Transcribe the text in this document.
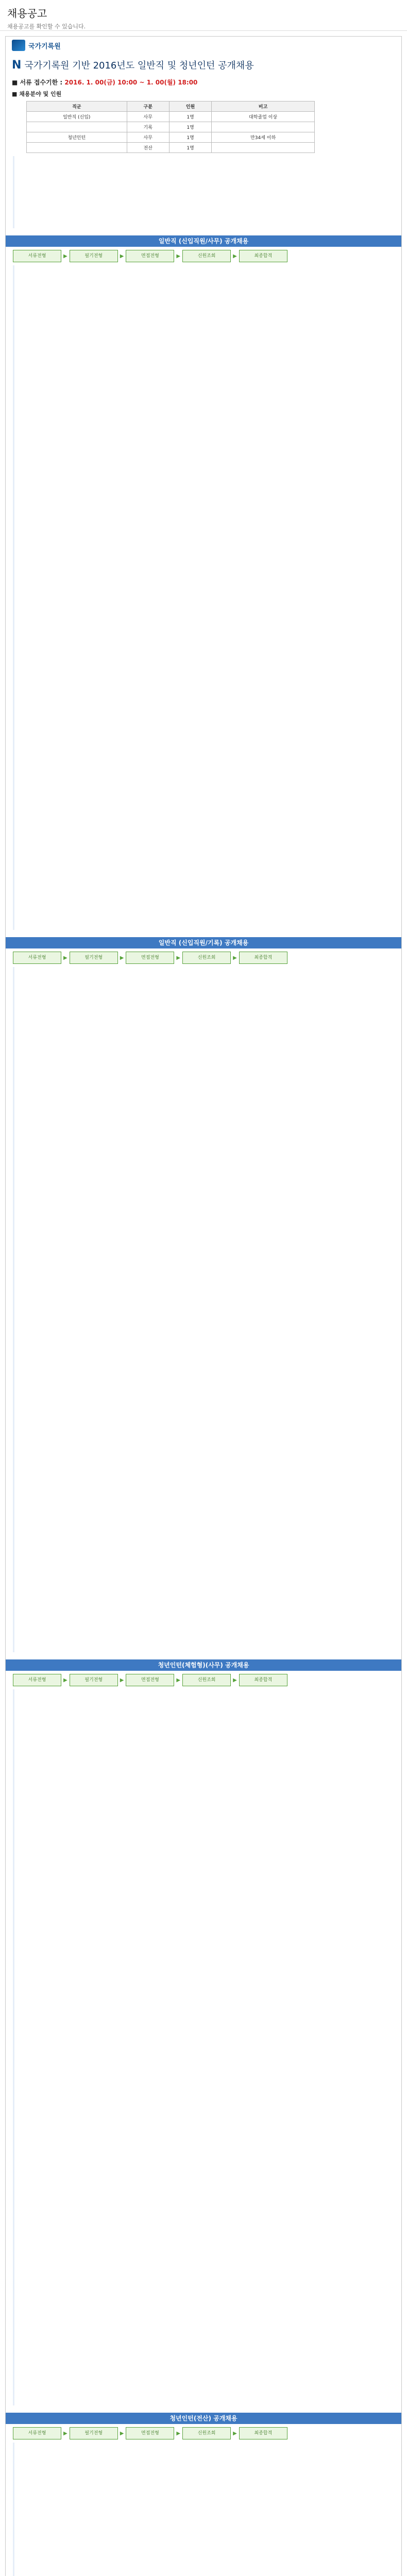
채용공고
채용공고를 확인할 수 있습니다.
국가기록원
N 국가기록원 기반 2016년도 일반직 및 청년인턴 공개채용
■ 서류 접수기한 : 2016. 1. 00(금) 10:00 ~ 1. 00(월) 18:00
■ 채용분야 및 인원
직군	구분	인원	비고
일반직 (신입)	사무	1명	대학졸업 이상
	기록	1명	
청년인턴	사무	1명	만34세 이하
	전산	1명	
일반직 (신입직원/사무) 공개채용
서류전형	▶	필기전형	▶	면접전형	▶	신원조회	▶	최종합격
일반직 (신입직원/기록) 공개채용
서류전형	▶	필기전형	▶	면접전형	▶	신원조회	▶	최종합격
청년인턴(체험형)(사무) 공개채용
서류전형	▶	필기전형	▶	면접전형	▶	신원조회	▶	최종합격
청년인턴(전산) 공개채용
서류전형	▶	필기전형	▶	면접전형	▶	신원조회	▶	최종합격
